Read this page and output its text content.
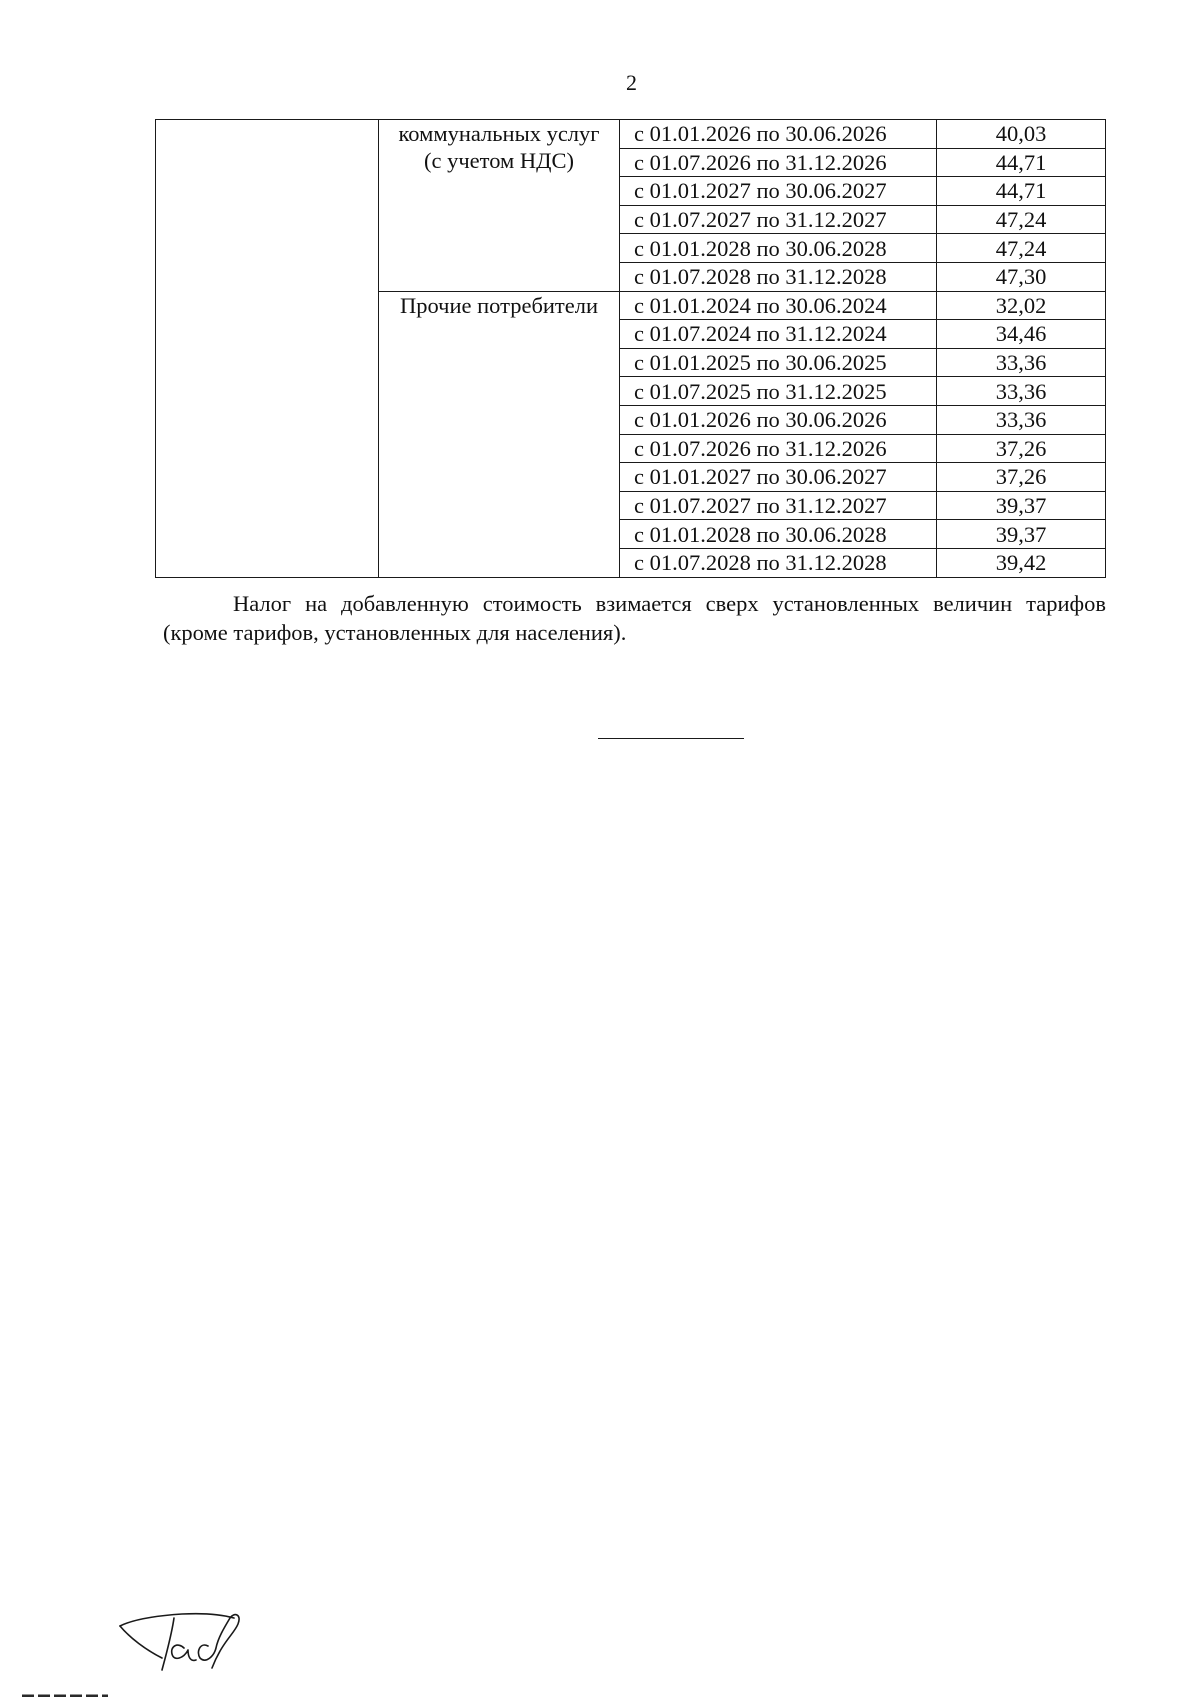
2

	коммунальных услуг
(с учетом НДС)	с 01.01.2026 по 30.06.2026	40,03
		с 01.07.2026 по 31.12.2026	44,71
		с 01.01.2027 по 30.06.2027	44,71
		с 01.07.2027 по 31.12.2027	47,24
		с 01.01.2028 по 30.06.2028	47,24
		с 01.07.2028 по 31.12.2028	47,30

	Прочие потребители	с 01.01.2024 по 30.06.2024	32,02
		с 01.07.2024 по 31.12.2024	34,46
		с 01.01.2025 по 30.06.2025	33,36
		с 01.07.2025 по 31.12.2025	33,36
		с 01.01.2026 по 30.06.2026	33,36
		с 01.07.2026 по 31.12.2026	37,26
		с 01.01.2027 по 30.06.2027	37,26
		с 01.07.2027 по 31.12.2027	39,37
		с 01.01.2028 по 30.06.2028	39,37
		с 01.07.2028 по 31.12.2028	39,42
Налог на добавленную стоимость взимается сверх установленных величин тарифов (кроме тарифов, установленных для населения).
